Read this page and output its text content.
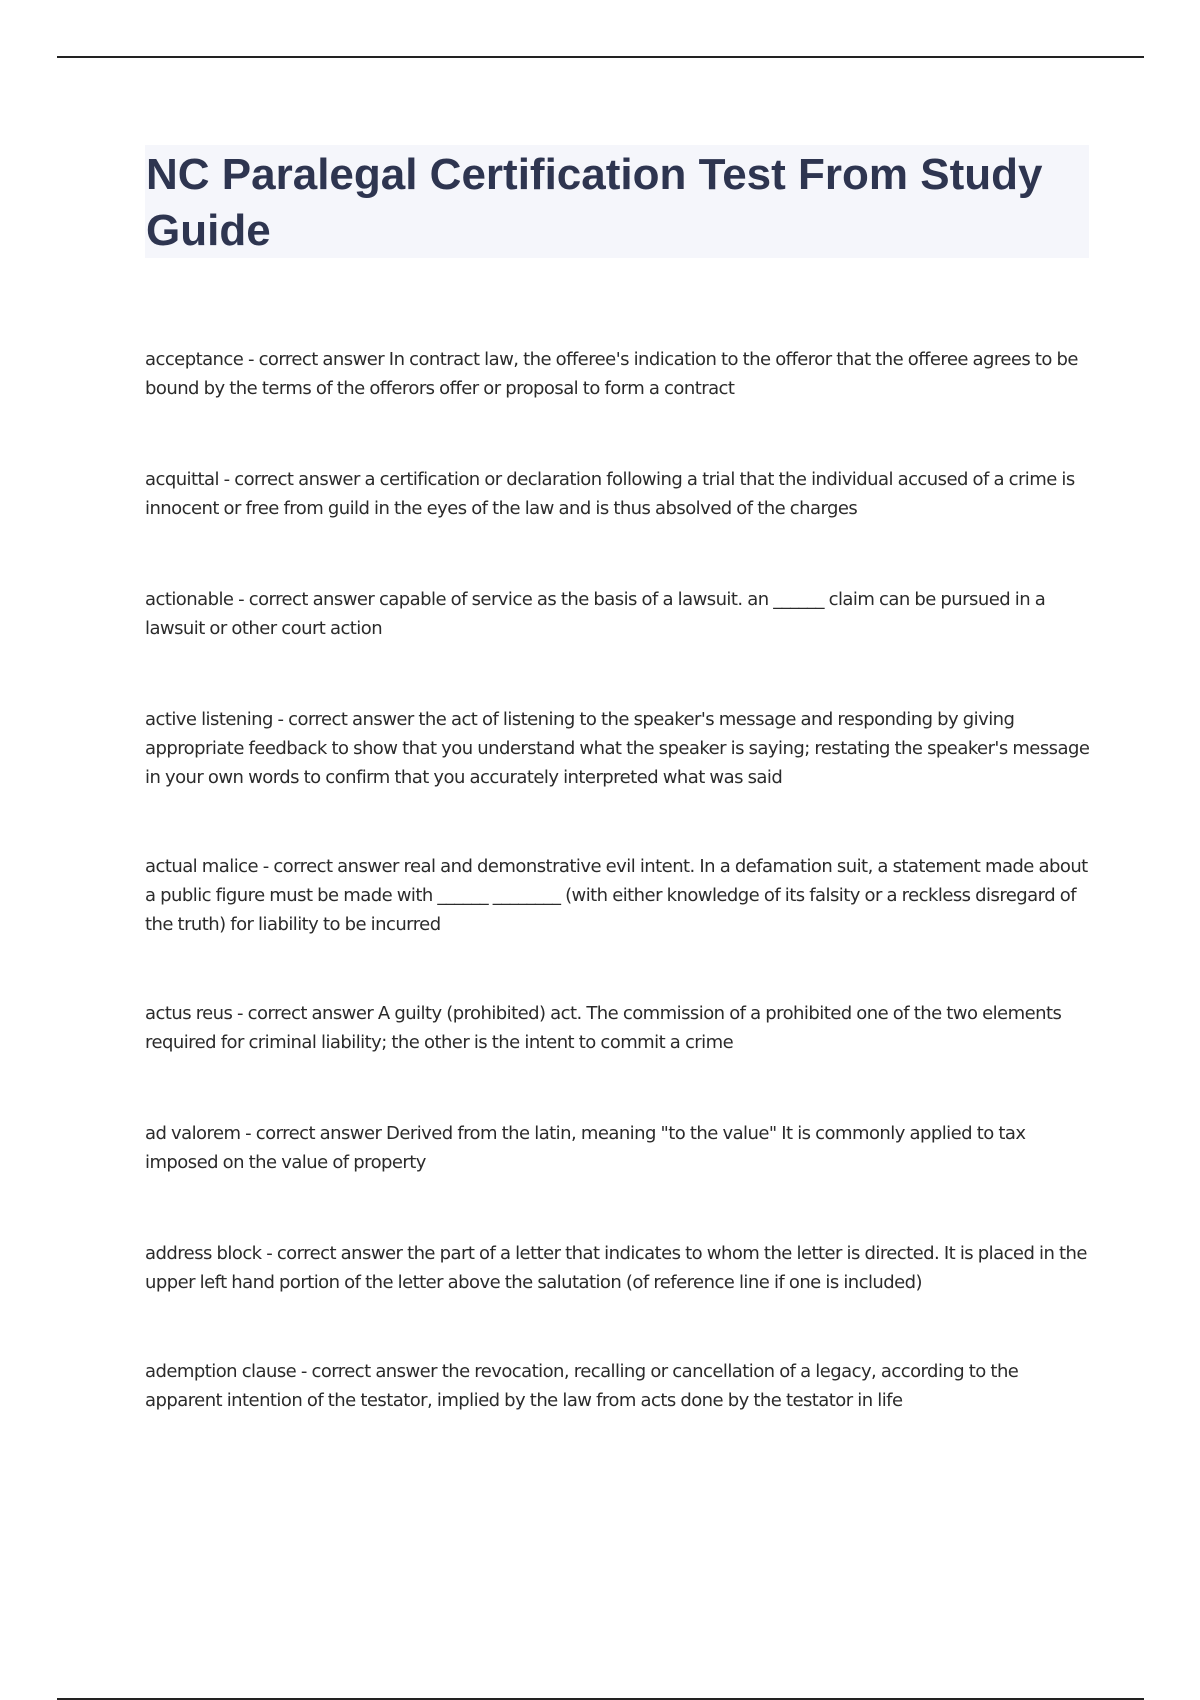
NC Paralegal Certification Test From Study Guide

acceptance - correct answer In contract law, the offeree's indication to the offeror that the offeree agrees to be bound by the terms of the offerors offer or proposal to form a contract

acquittal - correct answer a certification or declaration following a trial that the individual accused of a crime is innocent or free from guild in the eyes of the law and is thus absolved of the charges

actionable - correct answer capable of service as the basis of a lawsuit. an ______ claim can be pursued in a lawsuit or other court action

active listening - correct answer the act of listening to the speaker's message and responding by giving appropriate feedback to show that you understand what the speaker is saying; restating the speaker's message in your own words to confirm that you accurately interpreted what was said

actual malice - correct answer real and demonstrative evil intent. In a defamation suit, a statement made about a public figure must be made with ______ ________ (with either knowledge of its falsity or a reckless disregard of the truth) for liability to be incurred

actus reus - correct answer A guilty (prohibited) act. The commission of a prohibited one of the two elements required for criminal liability; the other is the intent to commit a crime

ad valorem - correct answer Derived from the latin, meaning "to the value" It is commonly applied to tax imposed on the value of property

address block - correct answer the part of a letter that indicates to whom the letter is directed. It is placed in the upper left hand portion of the letter above the salutation (of reference line if one is included)

ademption clause - correct answer the revocation, recalling or cancellation of a legacy, according to the apparent intention of the testator, implied by the law from acts done by the testator in life
